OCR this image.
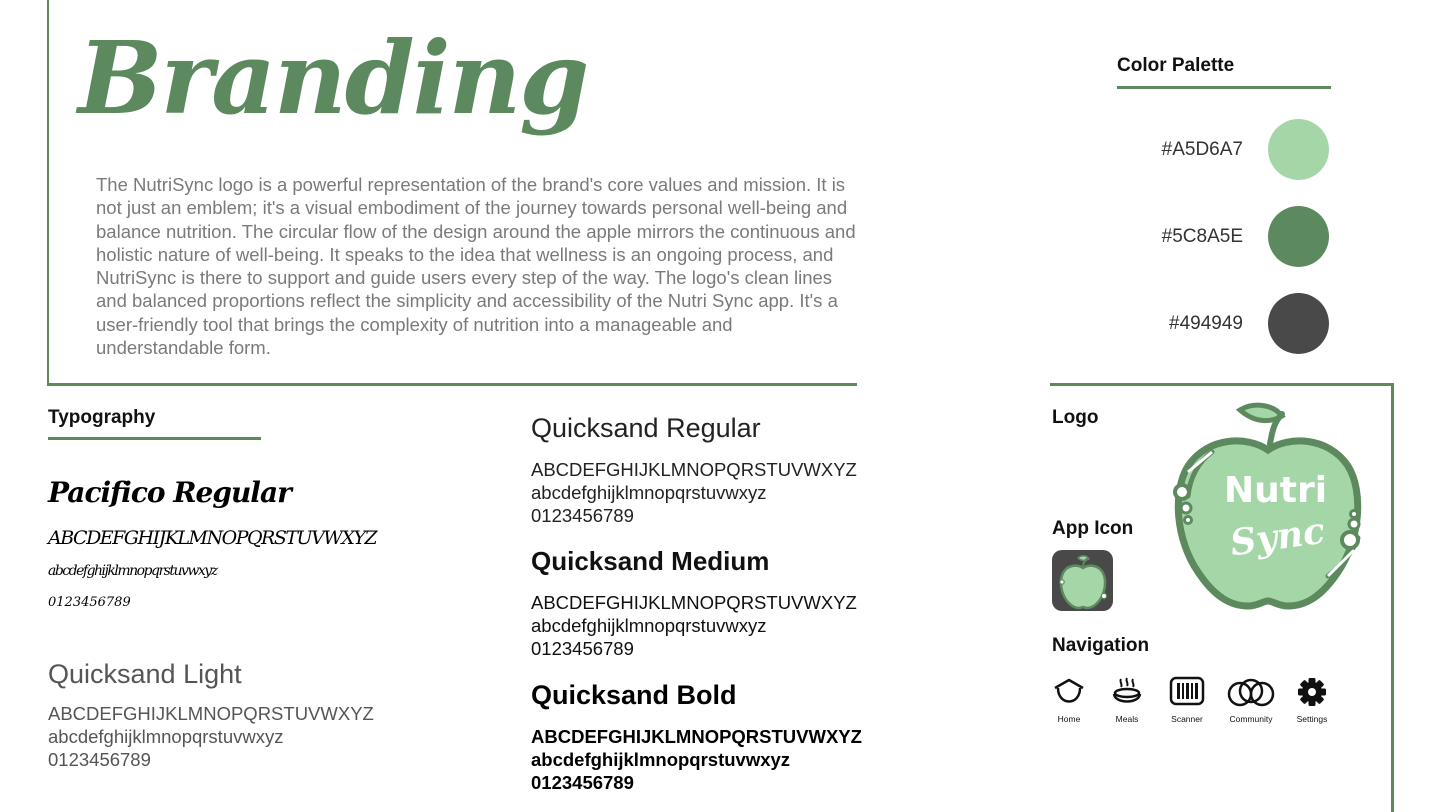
Branding
The NutriSync logo is a powerful representation of the brand's core values and mission. It is not just an emblem; it's a visual embodiment of the journey towards personal well-being and balance nutrition. The circular flow of the design around the apple mirrors the continuous and holistic nature of well-being. It speaks to the idea that wellness is an ongoing process, and NutriSync is there to support and guide users every step of the way. The logo's clean lines and balanced proportions reflect the simplicity and accessibility of the Nutri Sync app. It's a user-friendly tool that brings the complexity of nutrition into a manageable and understandable form.
Color Palette
#A5D6A7
#5C8A5E
#494949
Typography
Pacifico Regular
ABCDEFGHIJKLMNOPQRSTUVWXYZ
abcdefghijklmnopqrstuvwxyz
0123456789
Quicksand Light
ABCDEFGHIJKLMNOPQRSTUVWXYZ
abcdefghijklmnopqrstuvwxyz
0123456789
Quicksand Regular
ABCDEFGHIJKLMNOPQRSTUVWXYZ
abcdefghijklmnopqrstuvwxyz
0123456789
Quicksand Medium
ABCDEFGHIJKLMNOPQRSTUVWXYZ
abcdefghijklmnopqrstuvwxyz
0123456789
Quicksand Bold
ABCDEFGHIJKLMNOPQRSTUVWXYZ
abcdefghijklmnopqrstuvwxyz
0123456789
Logo
Nutri
Sync
App Icon
Navigation
Home	Meals	Scanner	Community	Settings
